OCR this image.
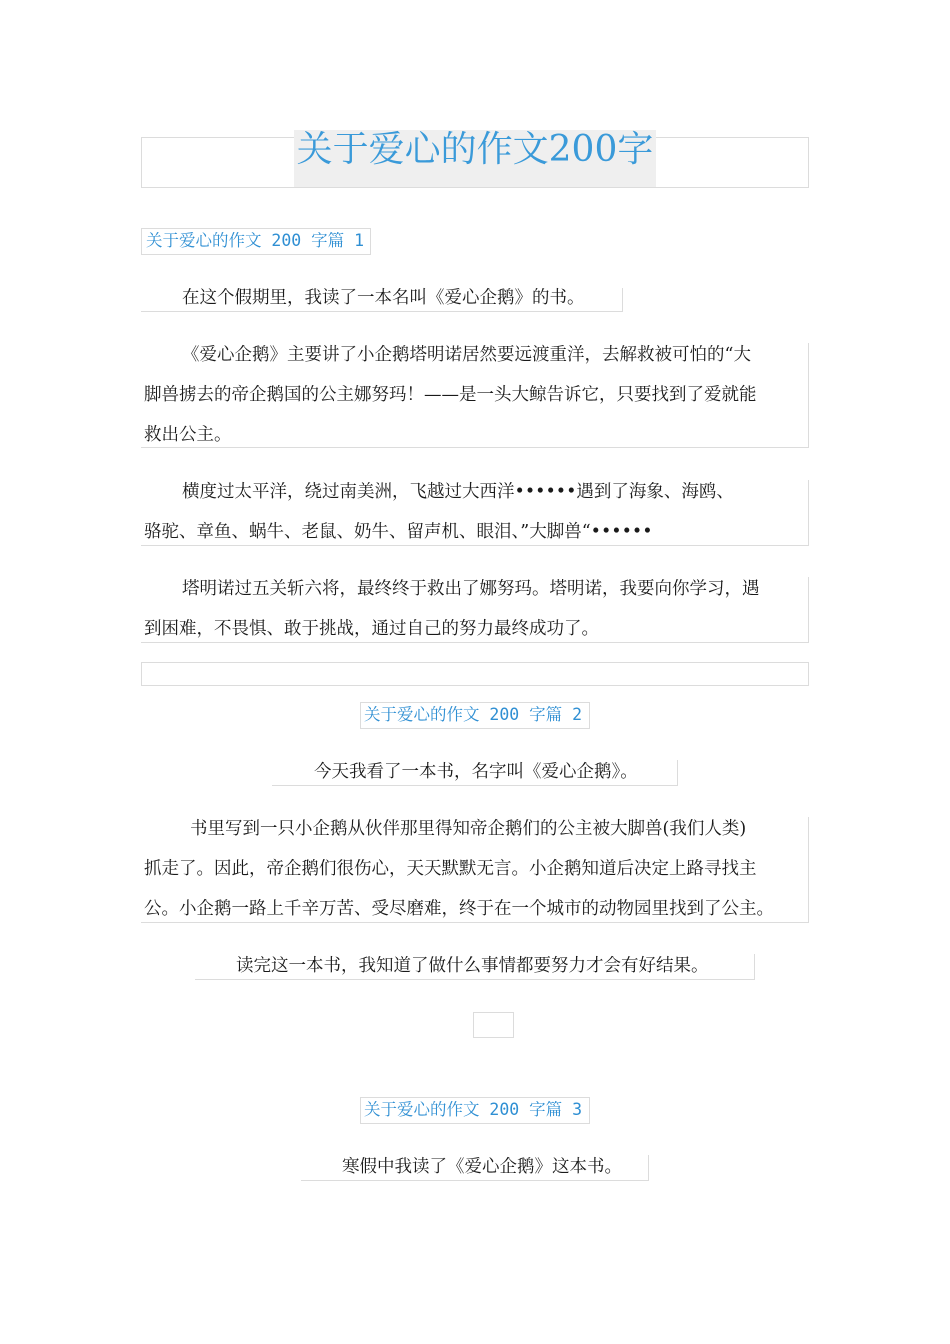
关于爱心的作文200字
关于爱心的作文 200 字篇 1
在这个假期里，我读了一本名叫《爱心企鹅》的书。
《爱心企鹅》主要讲了小企鹅塔明诺居然要远渡重洋，去解救被可怕的“大
脚兽掳去的帝企鹅国的公主娜努玛！——是一头大鲸告诉它，只要找到了爱就能
救出公主。
横度过太平洋，绕过南美洲，飞越过大西洋••••••遇到了海象、海鸥、
骆驼、章鱼、蜗牛、老鼠、奶牛、留声机、眼泪、”大脚兽“••••••
塔明诺过五关斩六将，最终终于救出了娜努玛。塔明诺，我要向你学习，遇
到困难，不畏惧、敢于挑战，通过自己的努力最终成功了。
关于爱心的作文 200 字篇 2
今天我看了一本书，名字叫《爱心企鹅》。
书里写到一只小企鹅从伙伴那里得知帝企鹅们的公主被大脚兽(我们人类)
抓走了。因此，帝企鹅们很伤心，天天默默无言。小企鹅知道后决定上路寻找主
公。小企鹅一路上千辛万苦、受尽磨难，终于在一个城市的动物园里找到了公主。
读完这一本书，我知道了做什么事情都要努力才会有好结果。
关于爱心的作文 200 字篇 3
寒假中我读了《爱心企鹅》这本书。
